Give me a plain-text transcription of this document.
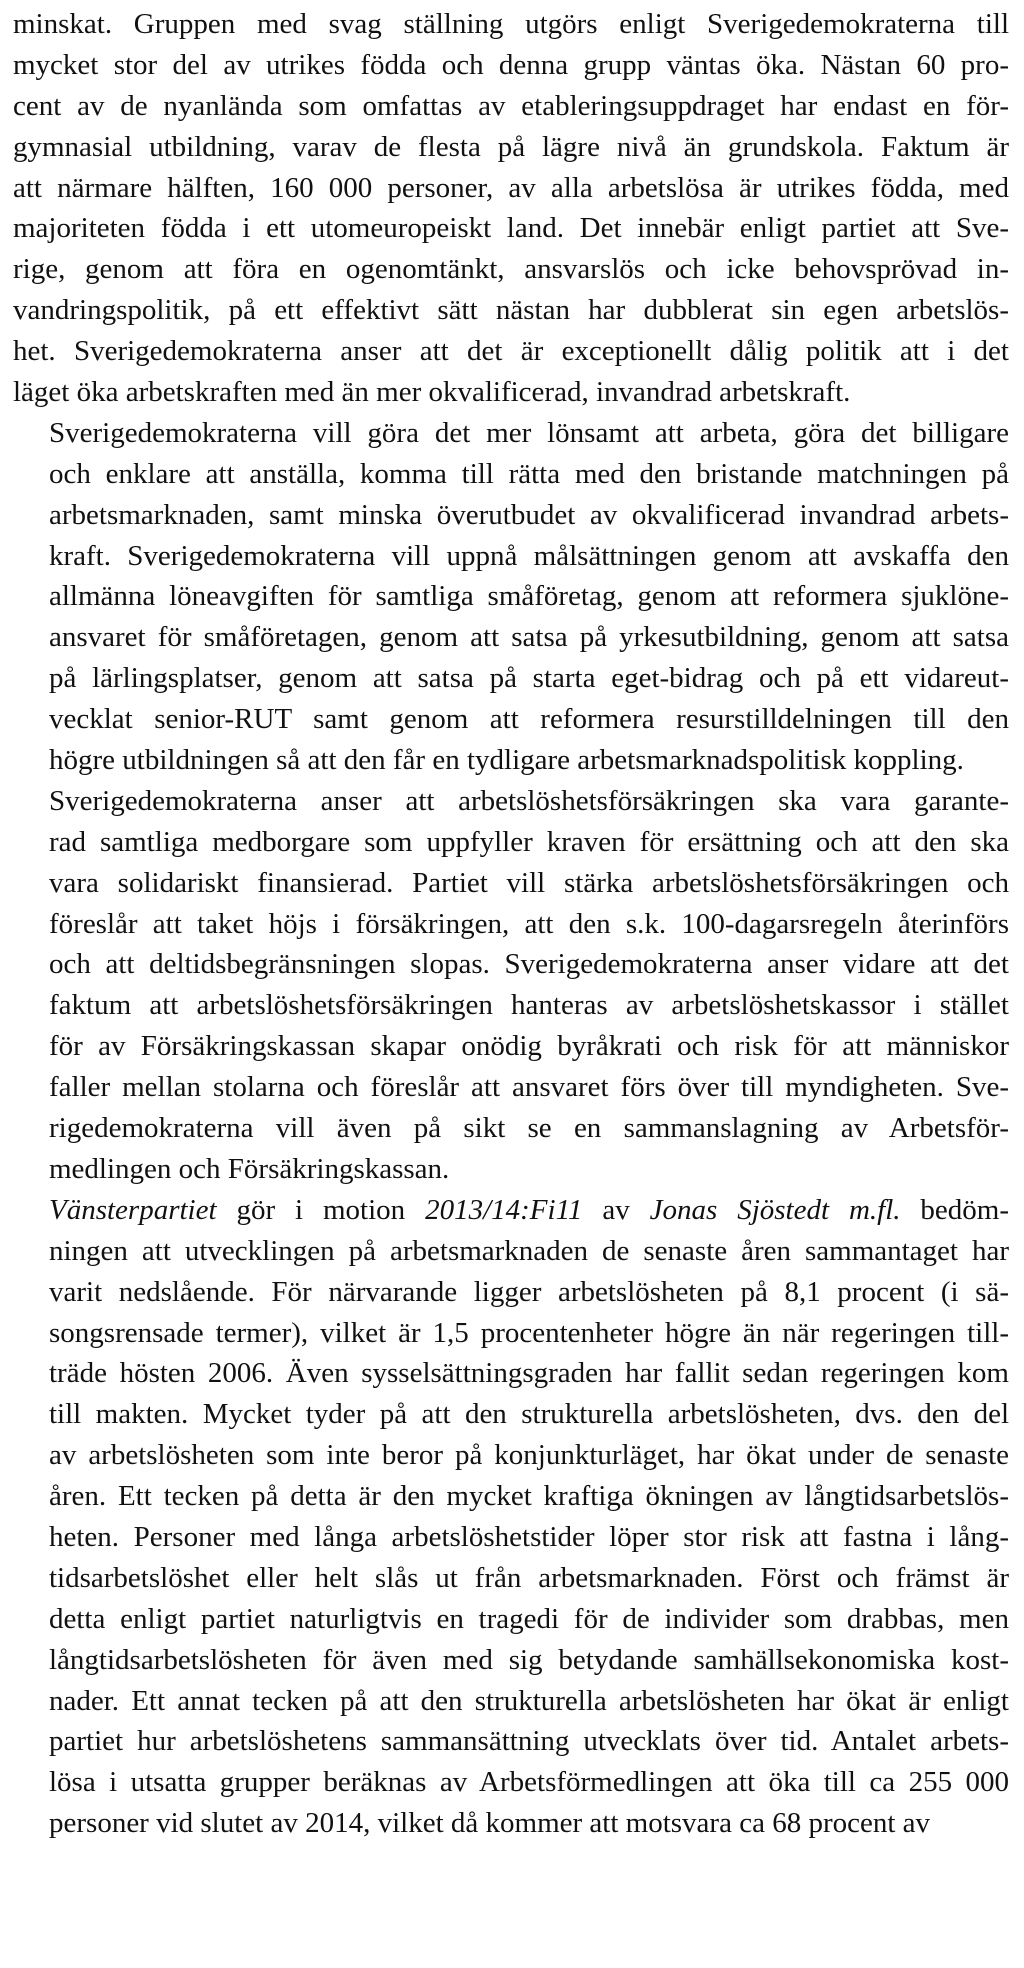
minskat. Gruppen med svag ställning utgörs enligt Sverigedemokraterna till
mycket stor del av utrikes födda och denna grupp väntas öka. Nästan 60 pro-
cent av de nyanlända som omfattas av etableringsuppdraget har endast en för-
gymnasial utbildning, varav de flesta på lägre nivå än grundskola. Faktum är
att närmare hälften, 160 000 personer, av alla arbetslösa är utrikes födda, med
majoriteten födda i ett utomeuropeiskt land. Det innebär enligt partiet att Sve-
rige, genom att föra en ogenomtänkt, ansvarslös och icke behovsprövad in-
vandringspolitik, på ett effektivt sätt nästan har dubblerat sin egen arbetslös-
het. Sverigedemokraterna anser att det är exceptionellt dålig politik att i det
läget öka arbetskraften med än mer okvalificerad, invandrad arbetskraft.
Sverigedemokraterna vill göra det mer lönsamt att arbeta, göra det billigare
och enklare att anställa, komma till rätta med den bristande matchningen på
arbetsmarknaden, samt minska överutbudet av okvalificerad invandrad arbets-
kraft. Sverigedemokraterna vill uppnå målsättningen genom att avskaffa den
allmänna löneavgiften för samtliga småföretag, genom att reformera sjuklöne-
ansvaret för småföretagen, genom att satsa på yrkesutbildning, genom att satsa
på lärlingsplatser, genom att satsa på starta eget-bidrag och på ett vidareut-
vecklat senior-RUT samt genom att reformera resurstilldelningen till den
högre utbildningen så att den får en tydligare arbetsmarknadspolitisk koppling.
Sverigedemokraterna anser att arbetslöshetsförsäkringen ska vara garante-
rad samtliga medborgare som uppfyller kraven för ersättning och att den ska
vara solidariskt finansierad. Partiet vill stärka arbetslöshetsförsäkringen och
föreslår att taket höjs i försäkringen, att den s.k. 100-dagarsregeln återinförs
och att deltidsbegränsningen slopas. Sverigedemokraterna anser vidare att det
faktum att arbetslöshetsförsäkringen hanteras av arbetslöshetskassor i stället
för av Försäkringskassan skapar onödig byråkrati och risk för att människor
faller mellan stolarna och föreslår att ansvaret förs över till myndigheten. Sve-
rigedemokraterna vill även på sikt se en sammanslagning av Arbetsför-
medlingen och Försäkringskassan.
Vänsterpartiet gör i motion 2013/14:Fi11 av Jonas Sjöstedt m.fl. bedöm-
ningen att utvecklingen på arbetsmarknaden de senaste åren sammantaget har
varit nedslående. För närvarande ligger arbetslösheten på 8,1 procent (i sä-
songsrensade termer), vilket är 1,5 procentenheter högre än när regeringen till-
träde hösten 2006. Även sysselsättningsgraden har fallit sedan regeringen kom
till makten. Mycket tyder på att den strukturella arbetslösheten, dvs. den del
av arbetslösheten som inte beror på konjunkturläget, har ökat under de senaste
åren. Ett tecken på detta är den mycket kraftiga ökningen av långtidsarbetslös-
heten. Personer med långa arbetslöshetstider löper stor risk att fastna i lång-
tidsarbetslöshet eller helt slås ut från arbetsmarknaden. Först och främst är
detta enligt partiet naturligtvis en tragedi för de individer som drabbas, men
långtidsarbetslösheten för även med sig betydande samhällsekonomiska kost-
nader. Ett annat tecken på att den strukturella arbetslösheten har ökat är enligt
partiet hur arbetslöshetens sammansättning utvecklats över tid. Antalet arbets-
lösa i utsatta grupper beräknas av Arbetsförmedlingen att öka till ca 255 000
personer vid slutet av 2014, vilket då kommer att motsvara ca 68 procent av
